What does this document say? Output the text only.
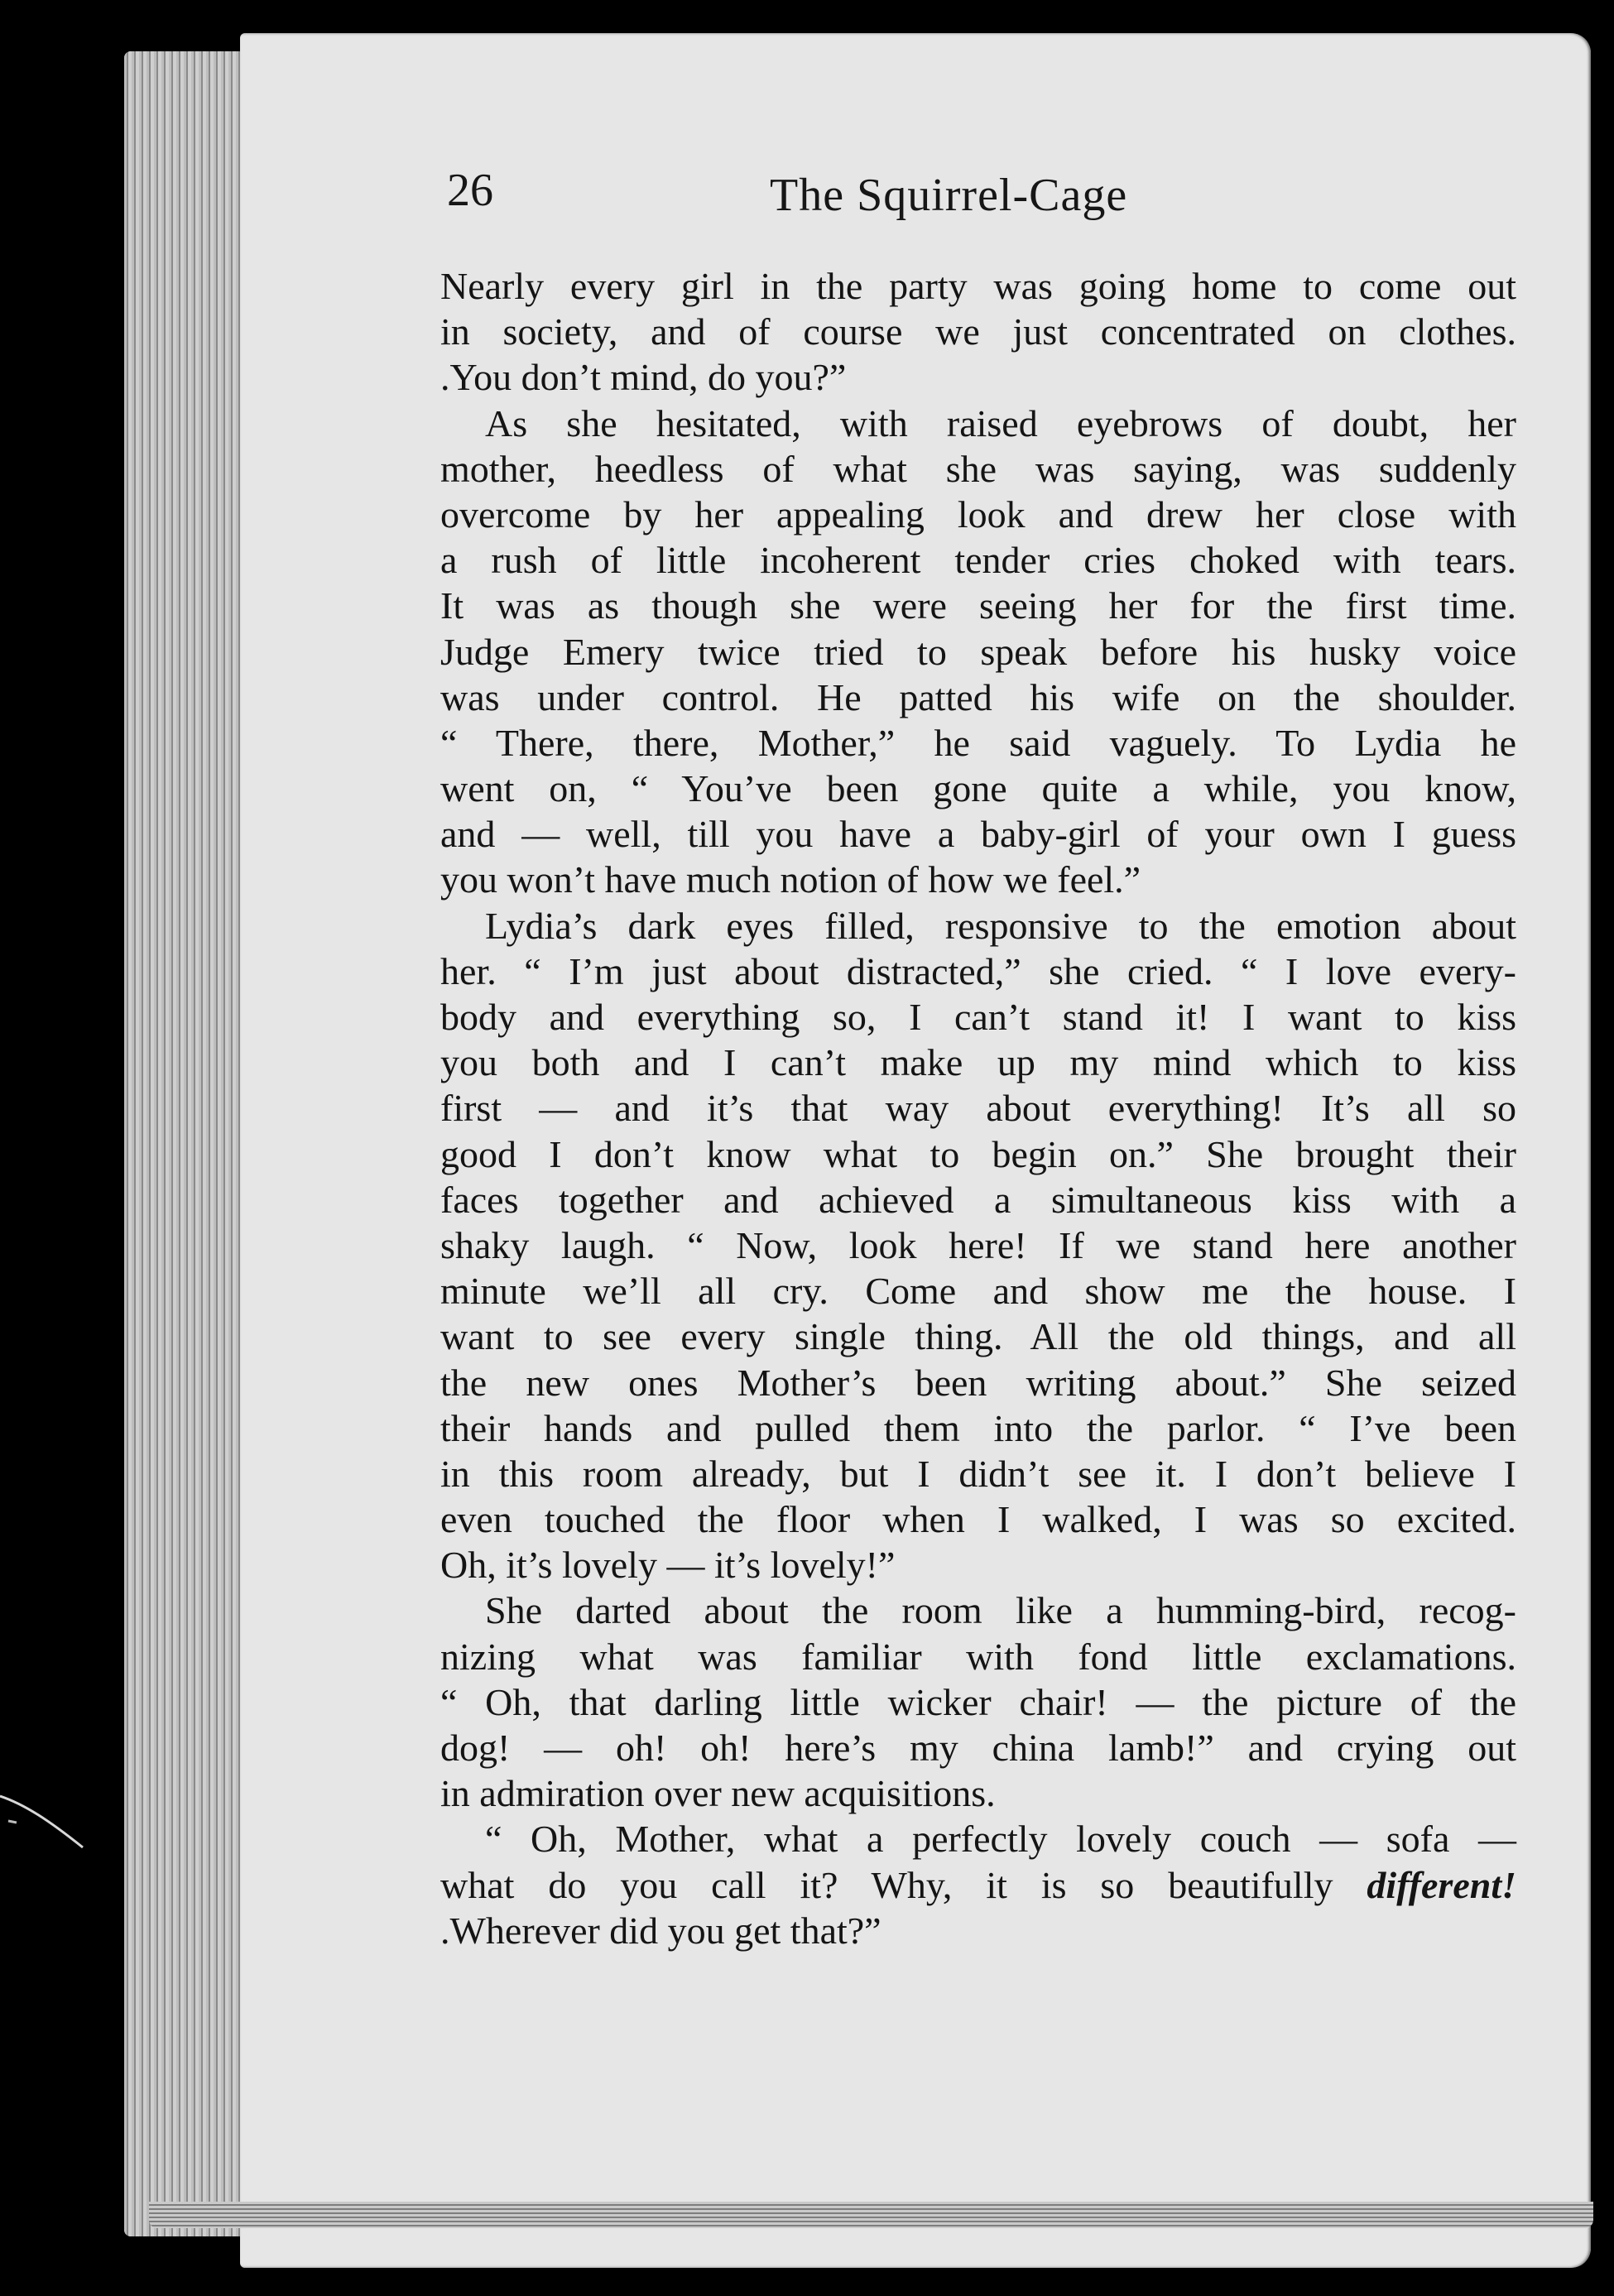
26	The Squirrel-Cage
Nearly every girl in the party was going home to come out
in society, and of course we just concentrated on clothes.
.You don’t mind, do you?”
As she hesitated, with raised eyebrows of doubt, her
mother, heedless of what she was saying, was suddenly
overcome by her appealing look and drew her close with
a rush of little incoherent tender cries choked with tears.
It was as though she were seeing her for the first time.
Judge Emery twice tried to speak before his husky voice
was under control. He patted his wife on the shoulder.
“ There, there, Mother,” he said vaguely. To Lydia he
went on, “ You’ve been gone quite a while, you know,
and — well, till you have a baby-girl of your own I guess
you won’t have much notion of how we feel.”
Lydia’s dark eyes filled, responsive to the emotion about
her. “ I’m just about distracted,” she cried. “ I love every-
body and everything so, I can’t stand it! I want to kiss
you both and I can’t make up my mind which to kiss
first — and it’s that way about everything! It’s all so
good I don’t know what to begin on.” She brought their
faces together and achieved a simultaneous kiss with a
shaky laugh. “ Now, look here! If we stand here another
minute we’ll all cry. Come and show me the house. I
want to see every single thing. All the old things, and all
the new ones Mother’s been writing about.” She seized
their hands and pulled them into the parlor. “ I’ve been
in this room already, but I didn’t see it. I don’t believe I
even touched the floor when I walked, I was so excited.
Oh, it’s lovely — it’s lovely!”
She darted about the room like a humming-bird, recog-
nizing what was familiar with fond little exclamations.
“ Oh, that darling little wicker chair! — the picture of the
dog! — oh! oh! here’s my china lamb!” and crying out
in admiration over new acquisitions.
“ Oh, Mother, what a perfectly lovely couch — sofa —
what do you call it? Why, it is so beautifully different!
.Wherever did you get that?”
